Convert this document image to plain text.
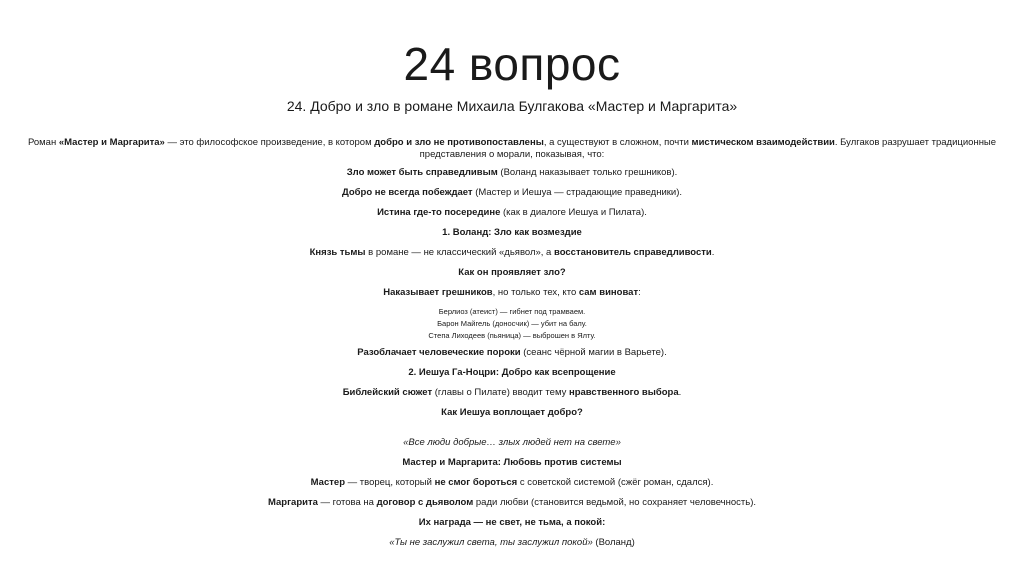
24 вопрос
24. Добро и зло в романе Михаила Булгакова «Мастер и Маргарита»
Роман «Мастер и Маргарита» — это философское произведение, в котором добро и зло не противопоставлены, а существуют в сложном, почти мистическом взаимодействии. Булгаков разрушает традиционные представления о морали, показывая, что:

Зло может быть справедливым (Воланд наказывает только грешников).

Добро не всегда побеждает (Мастер и Иешуа — страдающие праведники).

Истина где-то посередине (как в диалоге Иешуа и Пилата).

1. Воланд: Зло как возмездие

Князь тьмы в романе — не классический «дьявол», а восстановитель справедливости.

Как он проявляет зло?

Наказывает грешников, но только тех, кто сам виноват:

Берлиоз (атеист) — гибнет под трамваем.

Барон Майгель (доносчик) — убит на балу.

Степа Лиходеев (пьяница) — выброшен в Ялту.

Разоблачает человеческие пороки (сеанс чёрной магии в Варьете).

2. Иешуа Га-Ноцри: Добро как всепрощение

Библейский сюжет (главы о Пилате) вводит тему нравственного выбора.

Как Иешуа воплощает добро?

«Все люди добрые… злых людей нет на свете»

Мастер и Маргарита: Любовь против системы

Мастер — творец, который не смог бороться с советской системой (сжёг роман, сдался).

Маргарита — готова на договор с дьяволом ради любви (становится ведьмой, но сохраняет человечность).

Их награда — не свет, не тьма, а покой:

«Ты не заслужил света, ты заслужил покой» (Воланд)
